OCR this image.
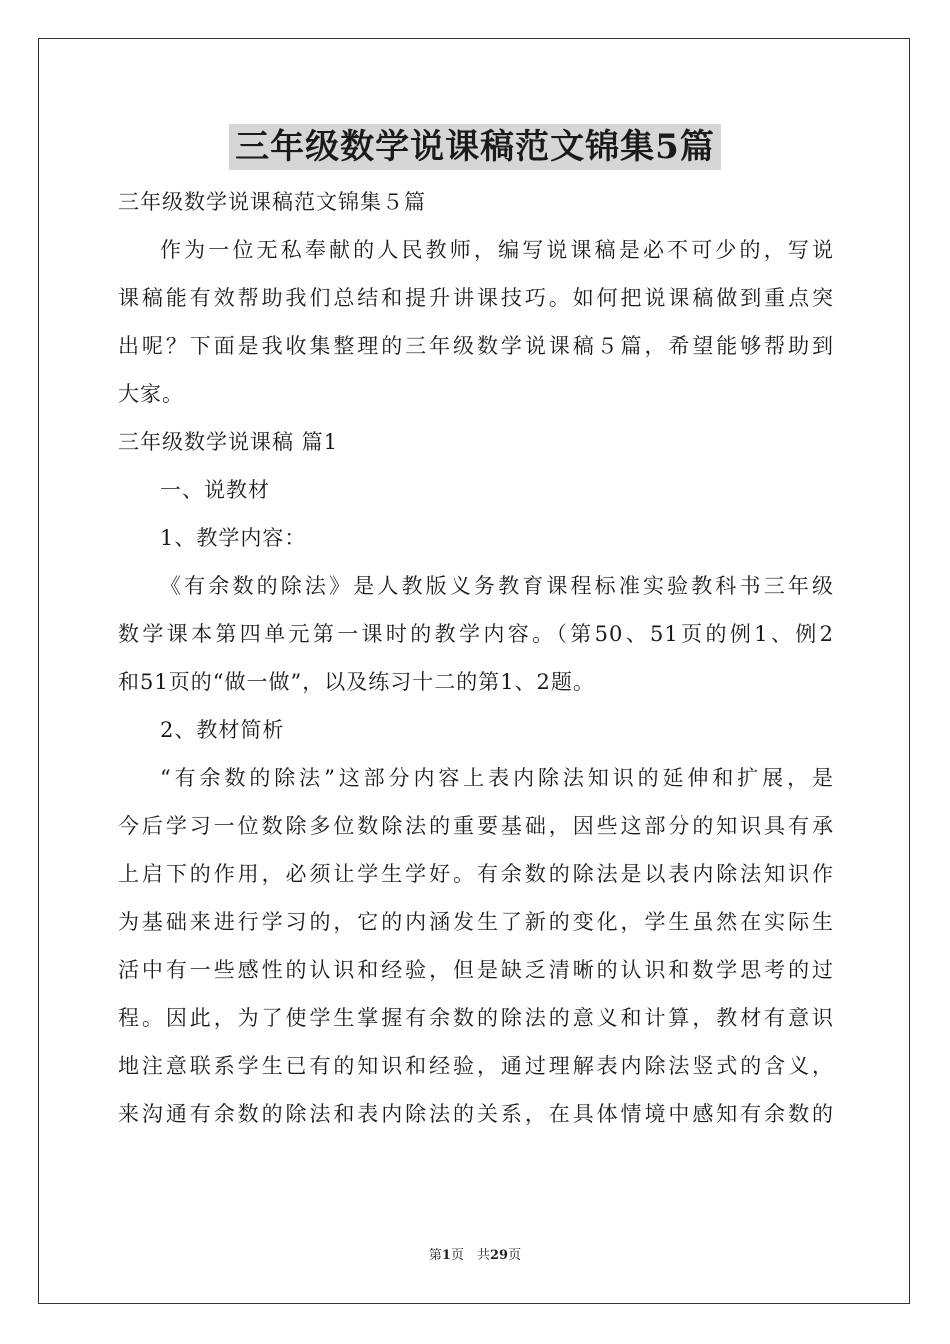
三年级数学说课稿范文锦集5篇
三年级数学说课稿范文锦集５篇
作为一位无私奉献的人民教师，编写说课稿是必不可少的，写说
课稿能有效帮助我们总结和提升讲课技巧。如何把说课稿做到重点突
出呢？下面是我收集整理的三年级数学说课稿５篇，希望能够帮助到
大家。
三年级数学说课稿 篇1
一、说教材
1、教学内容：
《有余数的除法》是人教版义务教育课程标准实验教科书三年级
数学课本第四单元第一课时的教学内容。（第50、51页的例1、例2
和51页的“做一做”，以及练习十二的第1、2题。
2、教材简析
“有余数的除法”这部分内容上表内除法知识的延伸和扩展，是
今后学习一位数除多位数除法的重要基础，因些这部分的知识具有承
上启下的作用，必须让学生学好。有余数的除法是以表内除法知识作
为基础来进行学习的，它的内涵发生了新的变化，学生虽然在实际生
活中有一些感性的认识和经验，但是缺乏清晰的认识和数学思考的过
程。因此，为了使学生掌握有余数的除法的意义和计算，教材有意识
地注意联系学生已有的知识和经验，通过理解表内除法竖式的含义，
来沟通有余数的除法和表内除法的关系，在具体情境中感知有余数的
第1页　共29页
